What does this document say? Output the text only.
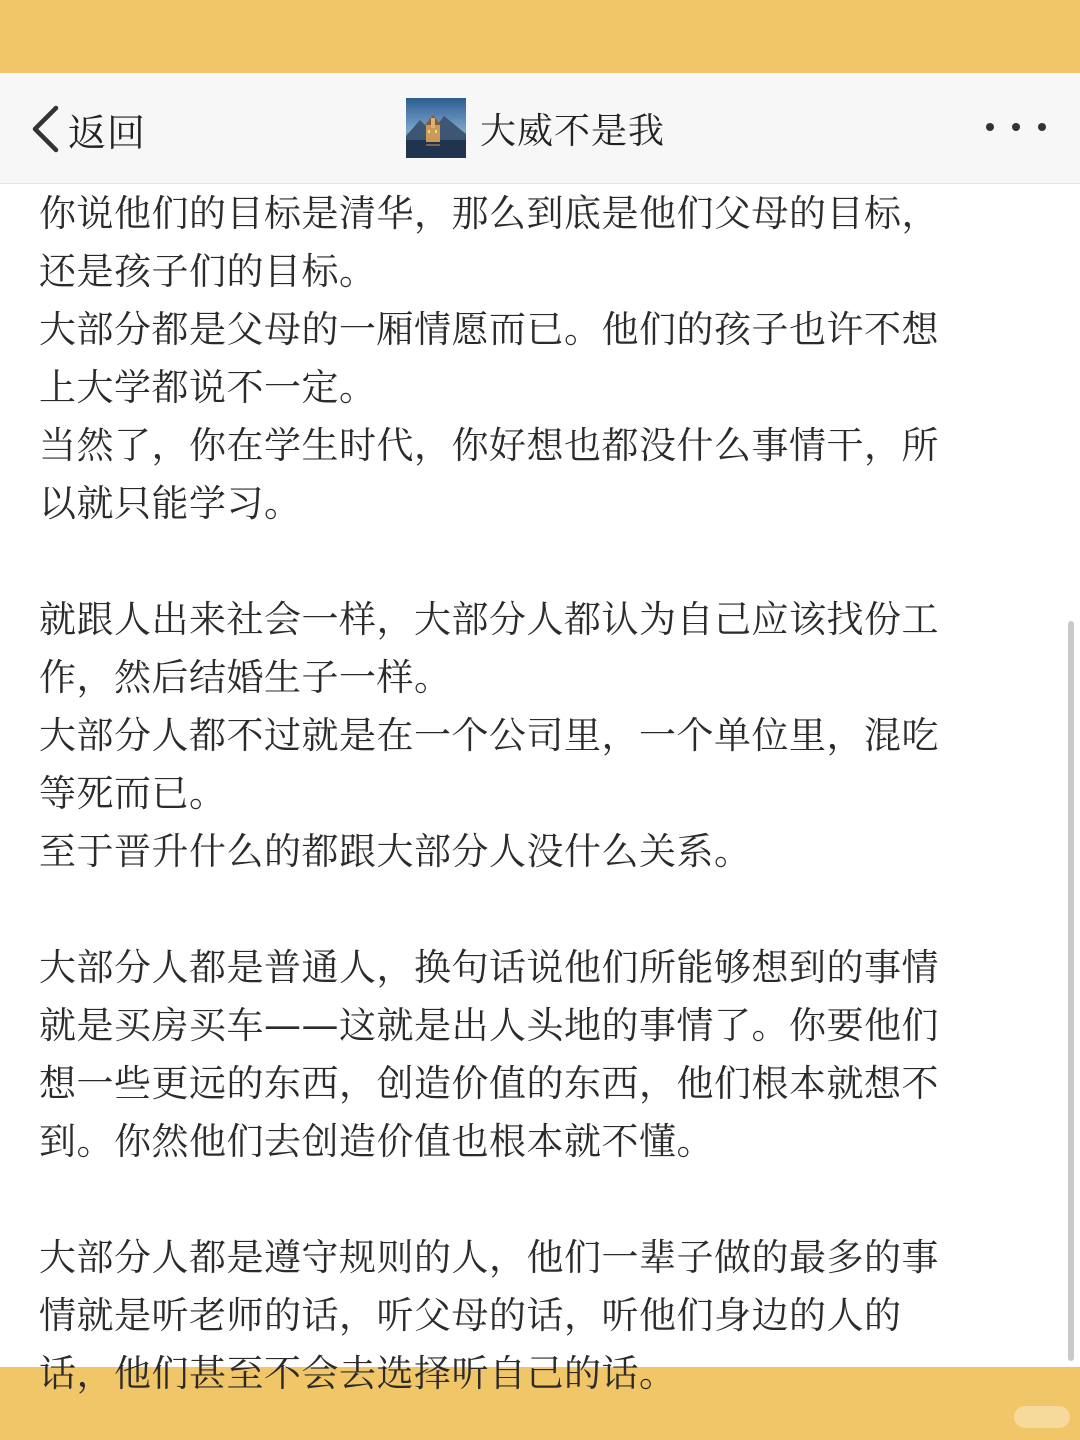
返回	大威不是我

你说他们的目标是清华，那么到底是他们父母的目标，
还是孩子们的目标。
大部分都是父母的一厢情愿而已。他们的孩子也许不想
上大学都说不一定。
当然了，你在学生时代，你好想也都没什么事情干，所
以就只能学习。

就跟人出来社会一样，大部分人都认为自己应该找份工
作，然后结婚生子一样。
大部分人都不过就是在一个公司里，一个单位里，混吃
等死而已。
至于晋升什么的都跟大部分人没什么关系。

大部分人都是普通人，换句话说他们所能够想到的事情
就是买房买车——这就是出人头地的事情了。你要他们
想一些更远的东西，创造价值的东西，他们根本就想不
到。你然他们去创造价值也根本就不懂。

大部分人都是遵守规则的人，他们一辈子做的最多的事
情就是听老师的话，听父母的话，听他们身边的人的
话，他们甚至不会去选择听自己的话。
